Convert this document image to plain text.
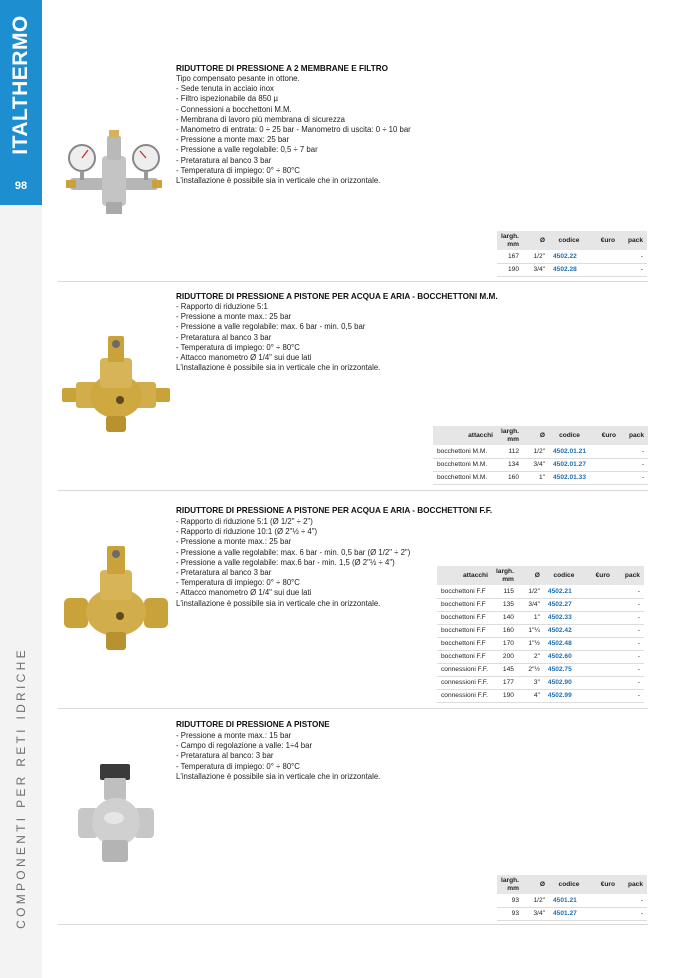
ITALTHERMO
98
COMPONENTI PER RETI IDRICHE
RIDUTTORE DI PRESSIONE A 2 MEMBRANE E FILTRO
Tipo compensato pesante in ottone.
- Sede tenuta in acciaio inox
- Filtro ispezionabile da 850 µ
- Connessioni a bocchettoni M.M.
- Membrana di lavoro più membrana di sicurezza
- Manometro di entrata: 0 ÷ 25 bar - Manometro di uscita: 0 ÷ 10 bar
- Pressione a monte max: 25 bar
- Pressione a valle regolabile: 0,5 ÷ 7 bar
- Pretaratura al banco 3 bar
- Temperatura di impiego: 0° ÷ 80°C
L'installazione è possibile sia in verticale che in orizzontale.
largh. mm	Ø	codice	€uro	pack
167	1/2"	4502.22		-
190	3/4"	4502.28		-
RIDUTTORE DI PRESSIONE A PISTONE PER ACQUA E ARIA - BOCCHETTONI M.M.
- Rapporto di riduzione 5:1
- Pressione a monte max.: 25 bar
- Pressione a valle regolabile: max. 6 bar - min. 0,5 bar
- Pretaratura al banco 3 bar
- Temperatura di impiego: 0° ÷ 80°C
- Attacco manometro Ø 1/4" sui due lati
L'installazione è possibile sia in verticale che in orizzontale.
attacchi	largh. mm	Ø	codice	€uro	pack
bocchettoni M.M.	112	1/2"	4502.01.21		-
bocchettoni M.M.	134	3/4"	4502.01.27		-
bocchettoni M.M.	160	1"	4502.01.33		-
RIDUTTORE DI PRESSIONE A PISTONE PER ACQUA E ARIA - BOCCHETTONI F.F.
- Rapporto di riduzione 5:1 (Ø 1/2" ÷ 2")
- Rapporto di riduzione 10:1 (Ø 2"½ ÷ 4")
- Pressione a monte max.: 25 bar
- Pressione a valle regolabile: max. 6 bar - min. 0,5 bar (Ø 1/2" ÷ 2")
- Pressione a valle regolabile: max.6 bar - min. 1,5 (Ø 2"½ ÷ 4")
- Pretaratura al banco 3 bar
- Temperatura di impiego: 0° ÷ 80°C
- Attacco manometro Ø 1/4" sui due lati
L'installazione è possibile sia in verticale che in orizzontale.
attacchi	largh. mm	Ø	codice	€uro	pack
bocchettoni F.F	115	1/2"	4502.21		-
bocchettoni F.F	135	3/4"	4502.27		-
bocchettoni F.F	140	1"	4502.33		-
bocchettoni F.F	160	1"¼	4502.42		-
bocchettoni F.F	170	1"½	4502.48		-
bocchettoni F.F	200	2"	4502.60		-
connessioni F.F.	145	2"½	4502.75		-
connessioni F.F.	177	3"	4502.90		-
connessioni F.F.	190	4"	4502.99		-
RIDUTTORE DI PRESSIONE A PISTONE
- Pressione a monte max.: 15 bar
- Campo di regolazione a valle: 1÷4 bar
- Pretaratura al banco: 3 bar
- Temperatura di impiego: 0° ÷ 80°C
L'installazione è possibile sia in verticale che in orizzontale.
largh. mm	Ø	codice	€uro	pack
93	1/2"	4501.21		-
93	3/4"	4501.27		-
